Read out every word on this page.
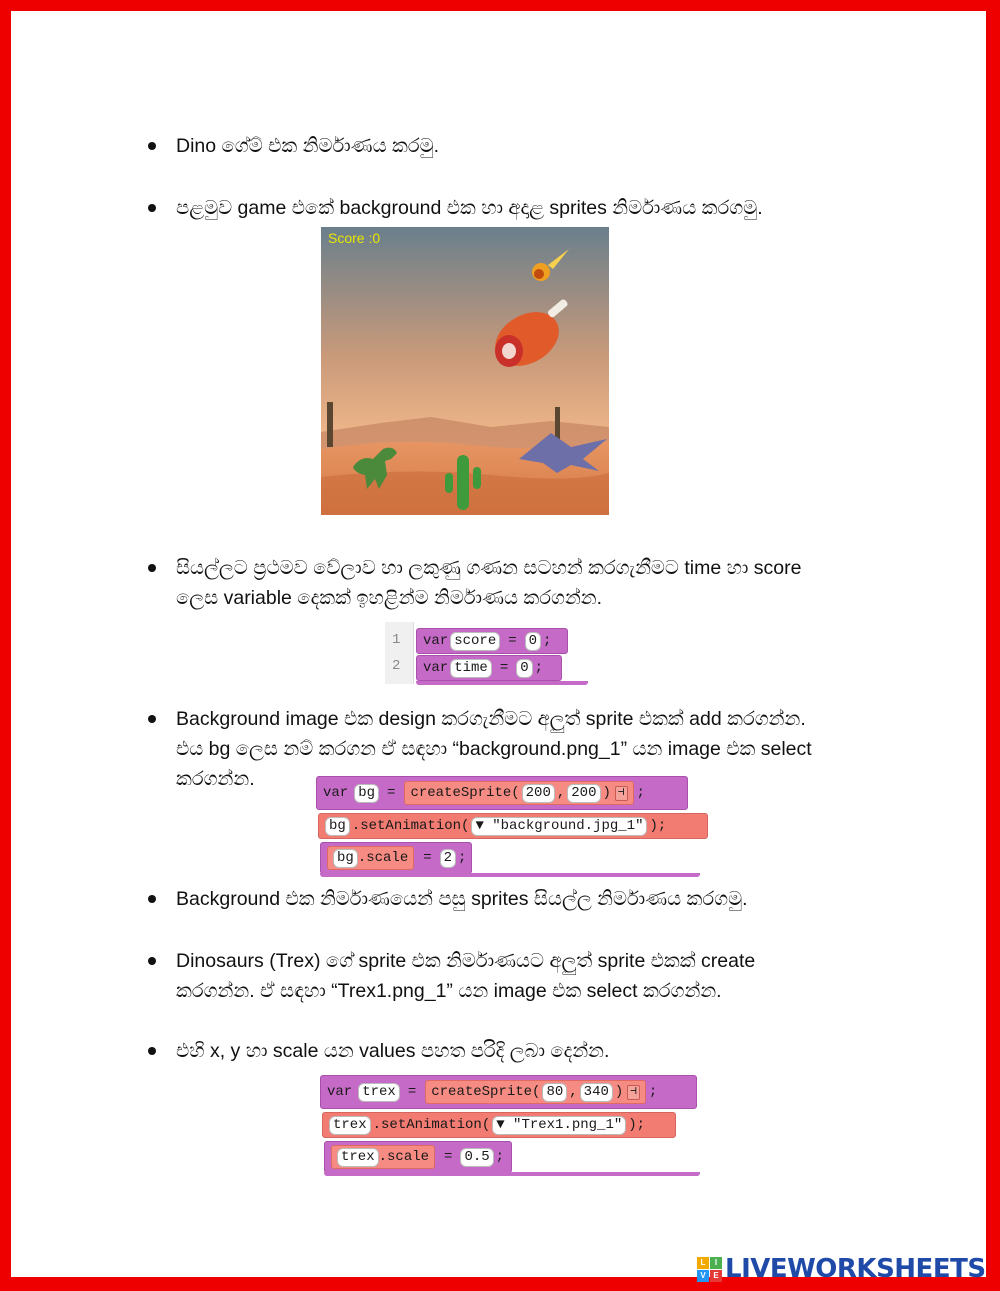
Dino ගේම් එක නිර්මාණය කරමු.
පළමුව game එකේ background එක හා අදාළ sprites නිර්මාණය කරගමු.
Score :0
සියල්ලට ප්‍රථමව වේලාව හා ලකුණු ගණන සටහන් කරගැනීමට time හා score
ලෙස variable දෙකක් ඉහළින්ම නිර්මාණය කරගන්න.
1
2
var score = 0 ;
var time = 0 ;
Background image එක design කරගැනීමට අලුත් sprite එකක් add කරගන්න.
එය bg ලෙස නම් කරගන ඒ සඳහා “background.png_1” යන image එක select
කරගන්න.
var bg = createSprite( 200 , 200 ) ⊣ ;
bg .setAnimation( ▼ "background.jpg_1" );
bg .scale = 2 ;
Background එක නිර්මාණයෙන් පසු sprites සියල්ල නිර්මාණය කරගමු.
Dinosaurs (Trex) ගේ sprite එක නිර්මාණයට අලුත් sprite එකක් create
කරගන්න. ඒ සඳහා “Trex1.png_1” යන image එක select කරගන්න.
එහි x, y හා scale යන values පහත පරිදි ලබා දෙන්න.
var trex = createSprite( 80 , 340 ) ⊣ ;
trex .setAnimation( ▼ "Trex1.png_1" );
trex .scale = 0.5 ;
L	I
V E LIVEWORKSHEETS
